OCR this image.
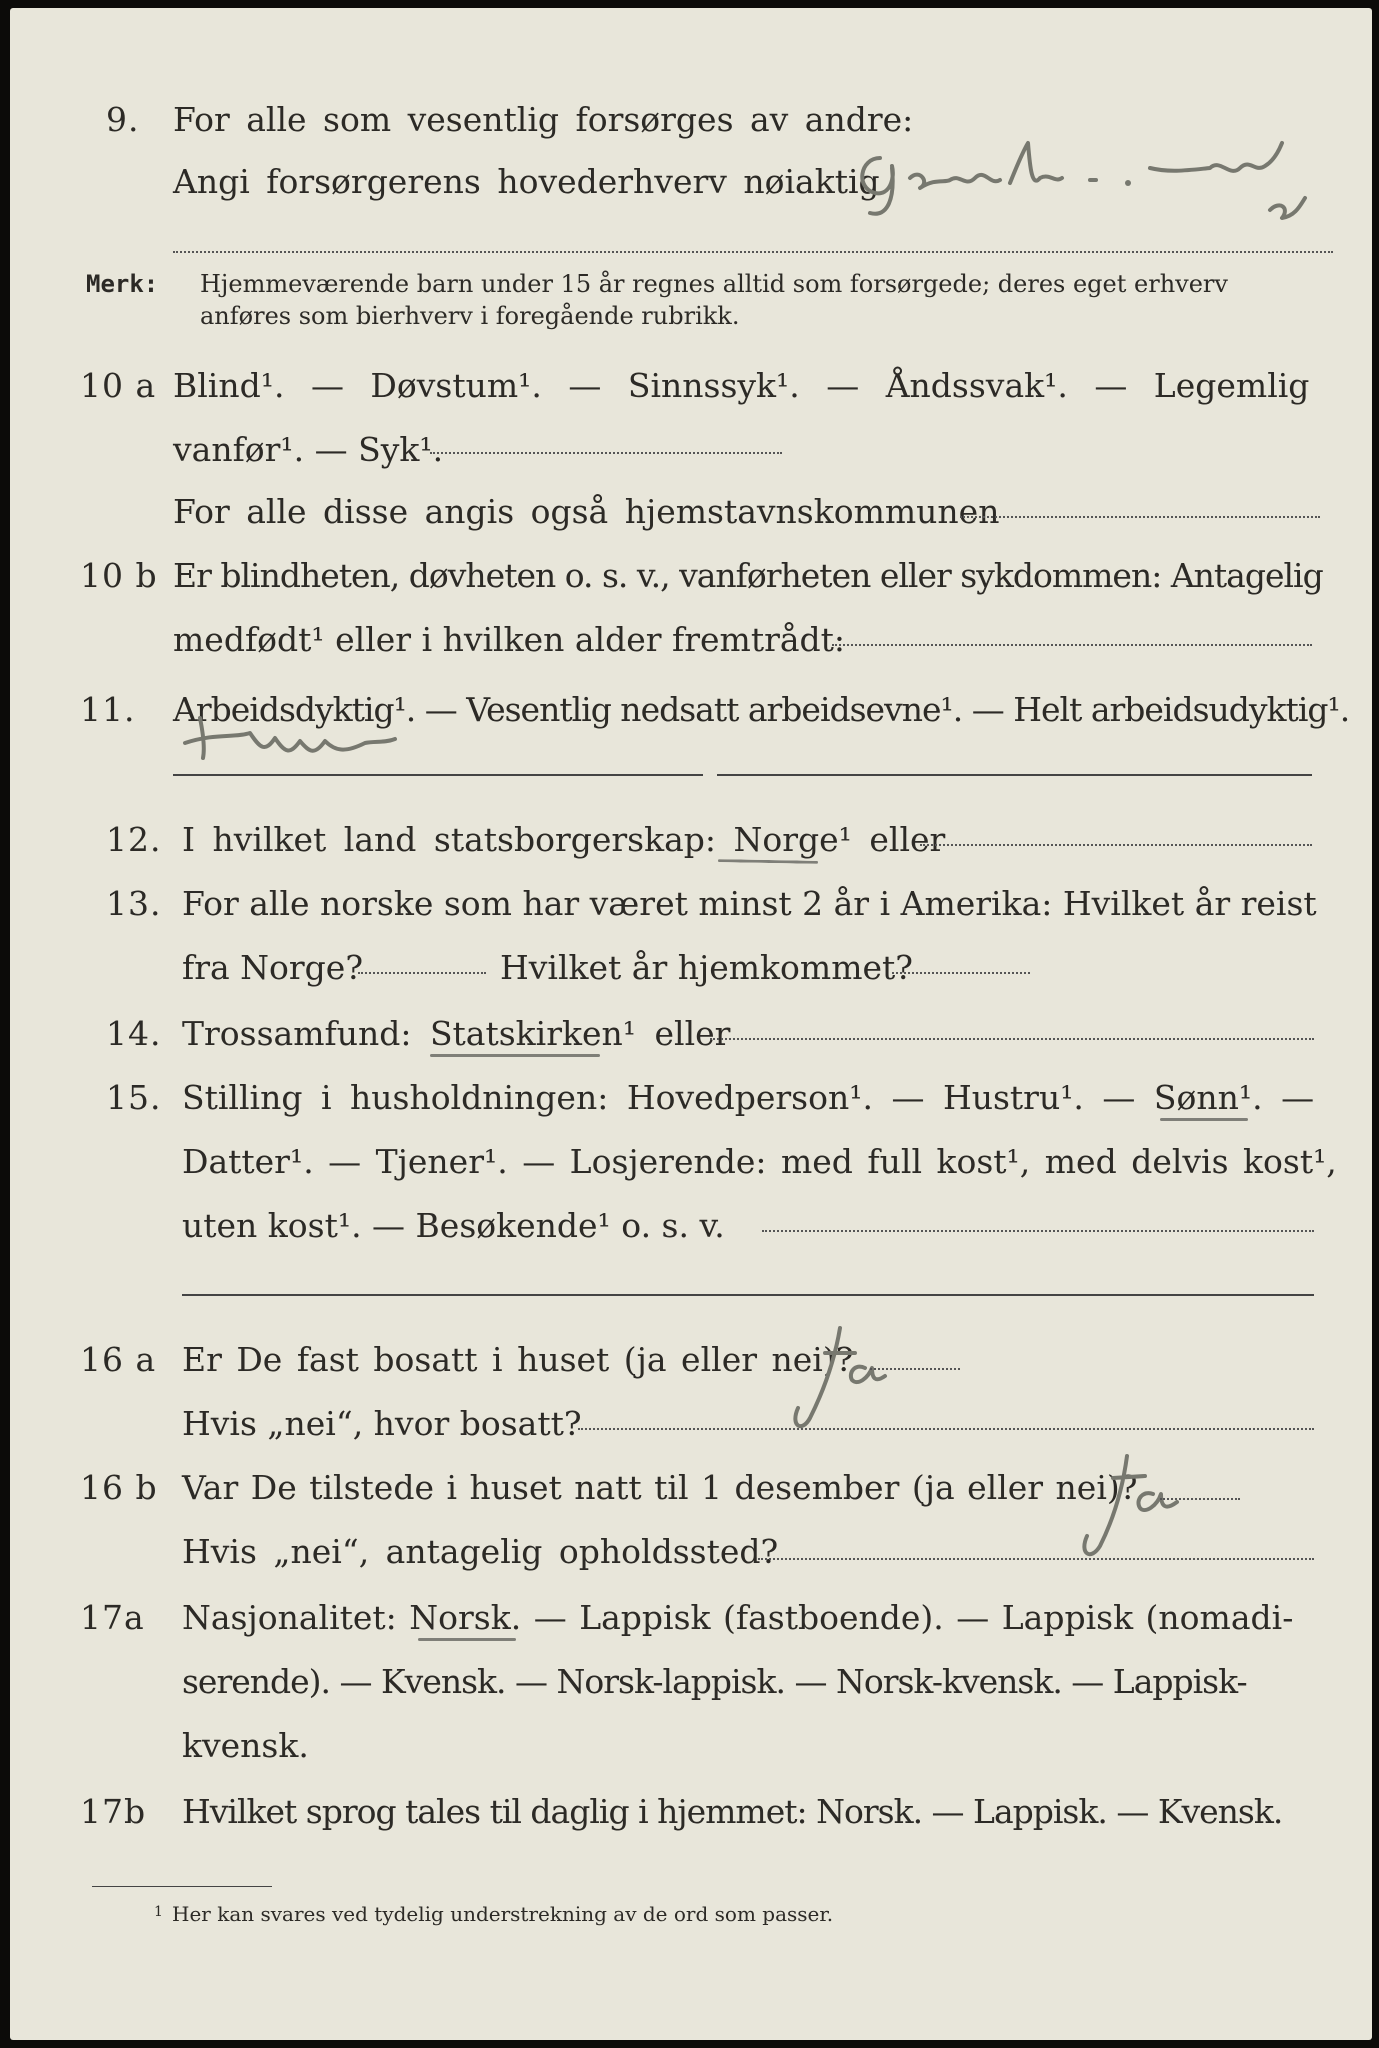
9. For alle som vesentlig forsørges av andre:
Angi forsørgerens hovederhverv nøiaktig
Merk: Hjemmeværende barn under 15 år regnes alltid som forsørgede; deres eget erhverv
anføres som bierhverv i foregående rubrikk.
10 a Blind¹. — Døvstum¹. — Sinnssyk¹. — Åndssvak¹. — Legemlig
vanfør¹. — Syk¹.
For alle disse angis også hjemstavnskommunen
10 b Er blindheten, døvheten o. s. v., vanførheten eller sykdommen: Antagelig
medfødt¹ eller i hvilken alder fremtrådt:
11. Arbeidsdyktig¹. — Vesentlig nedsatt arbeidsevne¹. — Helt arbeidsudyktig¹.
12. I hvilket land statsborgerskap: Norge¹ eller
13. For alle norske som har været minst 2 år i Amerika: Hvilket år reist
fra Norge?	Hvilket år hjemkommet?
14. Trossamfund: Statskirken¹ eller
15. Stilling i husholdningen: Hovedperson¹. — Hustru¹. — Sønn¹. —
Datter¹. — Tjener¹. — Losjerende: med full kost¹, med delvis kost¹,
uten kost¹. — Besøkende¹ o. s. v.
16 a Er De fast bosatt i huset (ja eller nei)?
Hvis „nei“, hvor bosatt?
16 b Var De tilstede i huset natt til 1 desember (ja eller nei)?
Hvis „nei“, antagelig opholdssted?
17a Nasjonalitet: Norsk. — Lappisk (fastboende). — Lappisk (nomadi-
serende). — Kvensk. — Norsk-lappisk. — Norsk-kvensk. — Lappisk-
kvensk.
17b Hvilket sprog tales til daglig i hjemmet: Norsk. — Lappisk. — Kvensk.
1 Her kan svares ved tydelig understrekning av de ord som passer.
